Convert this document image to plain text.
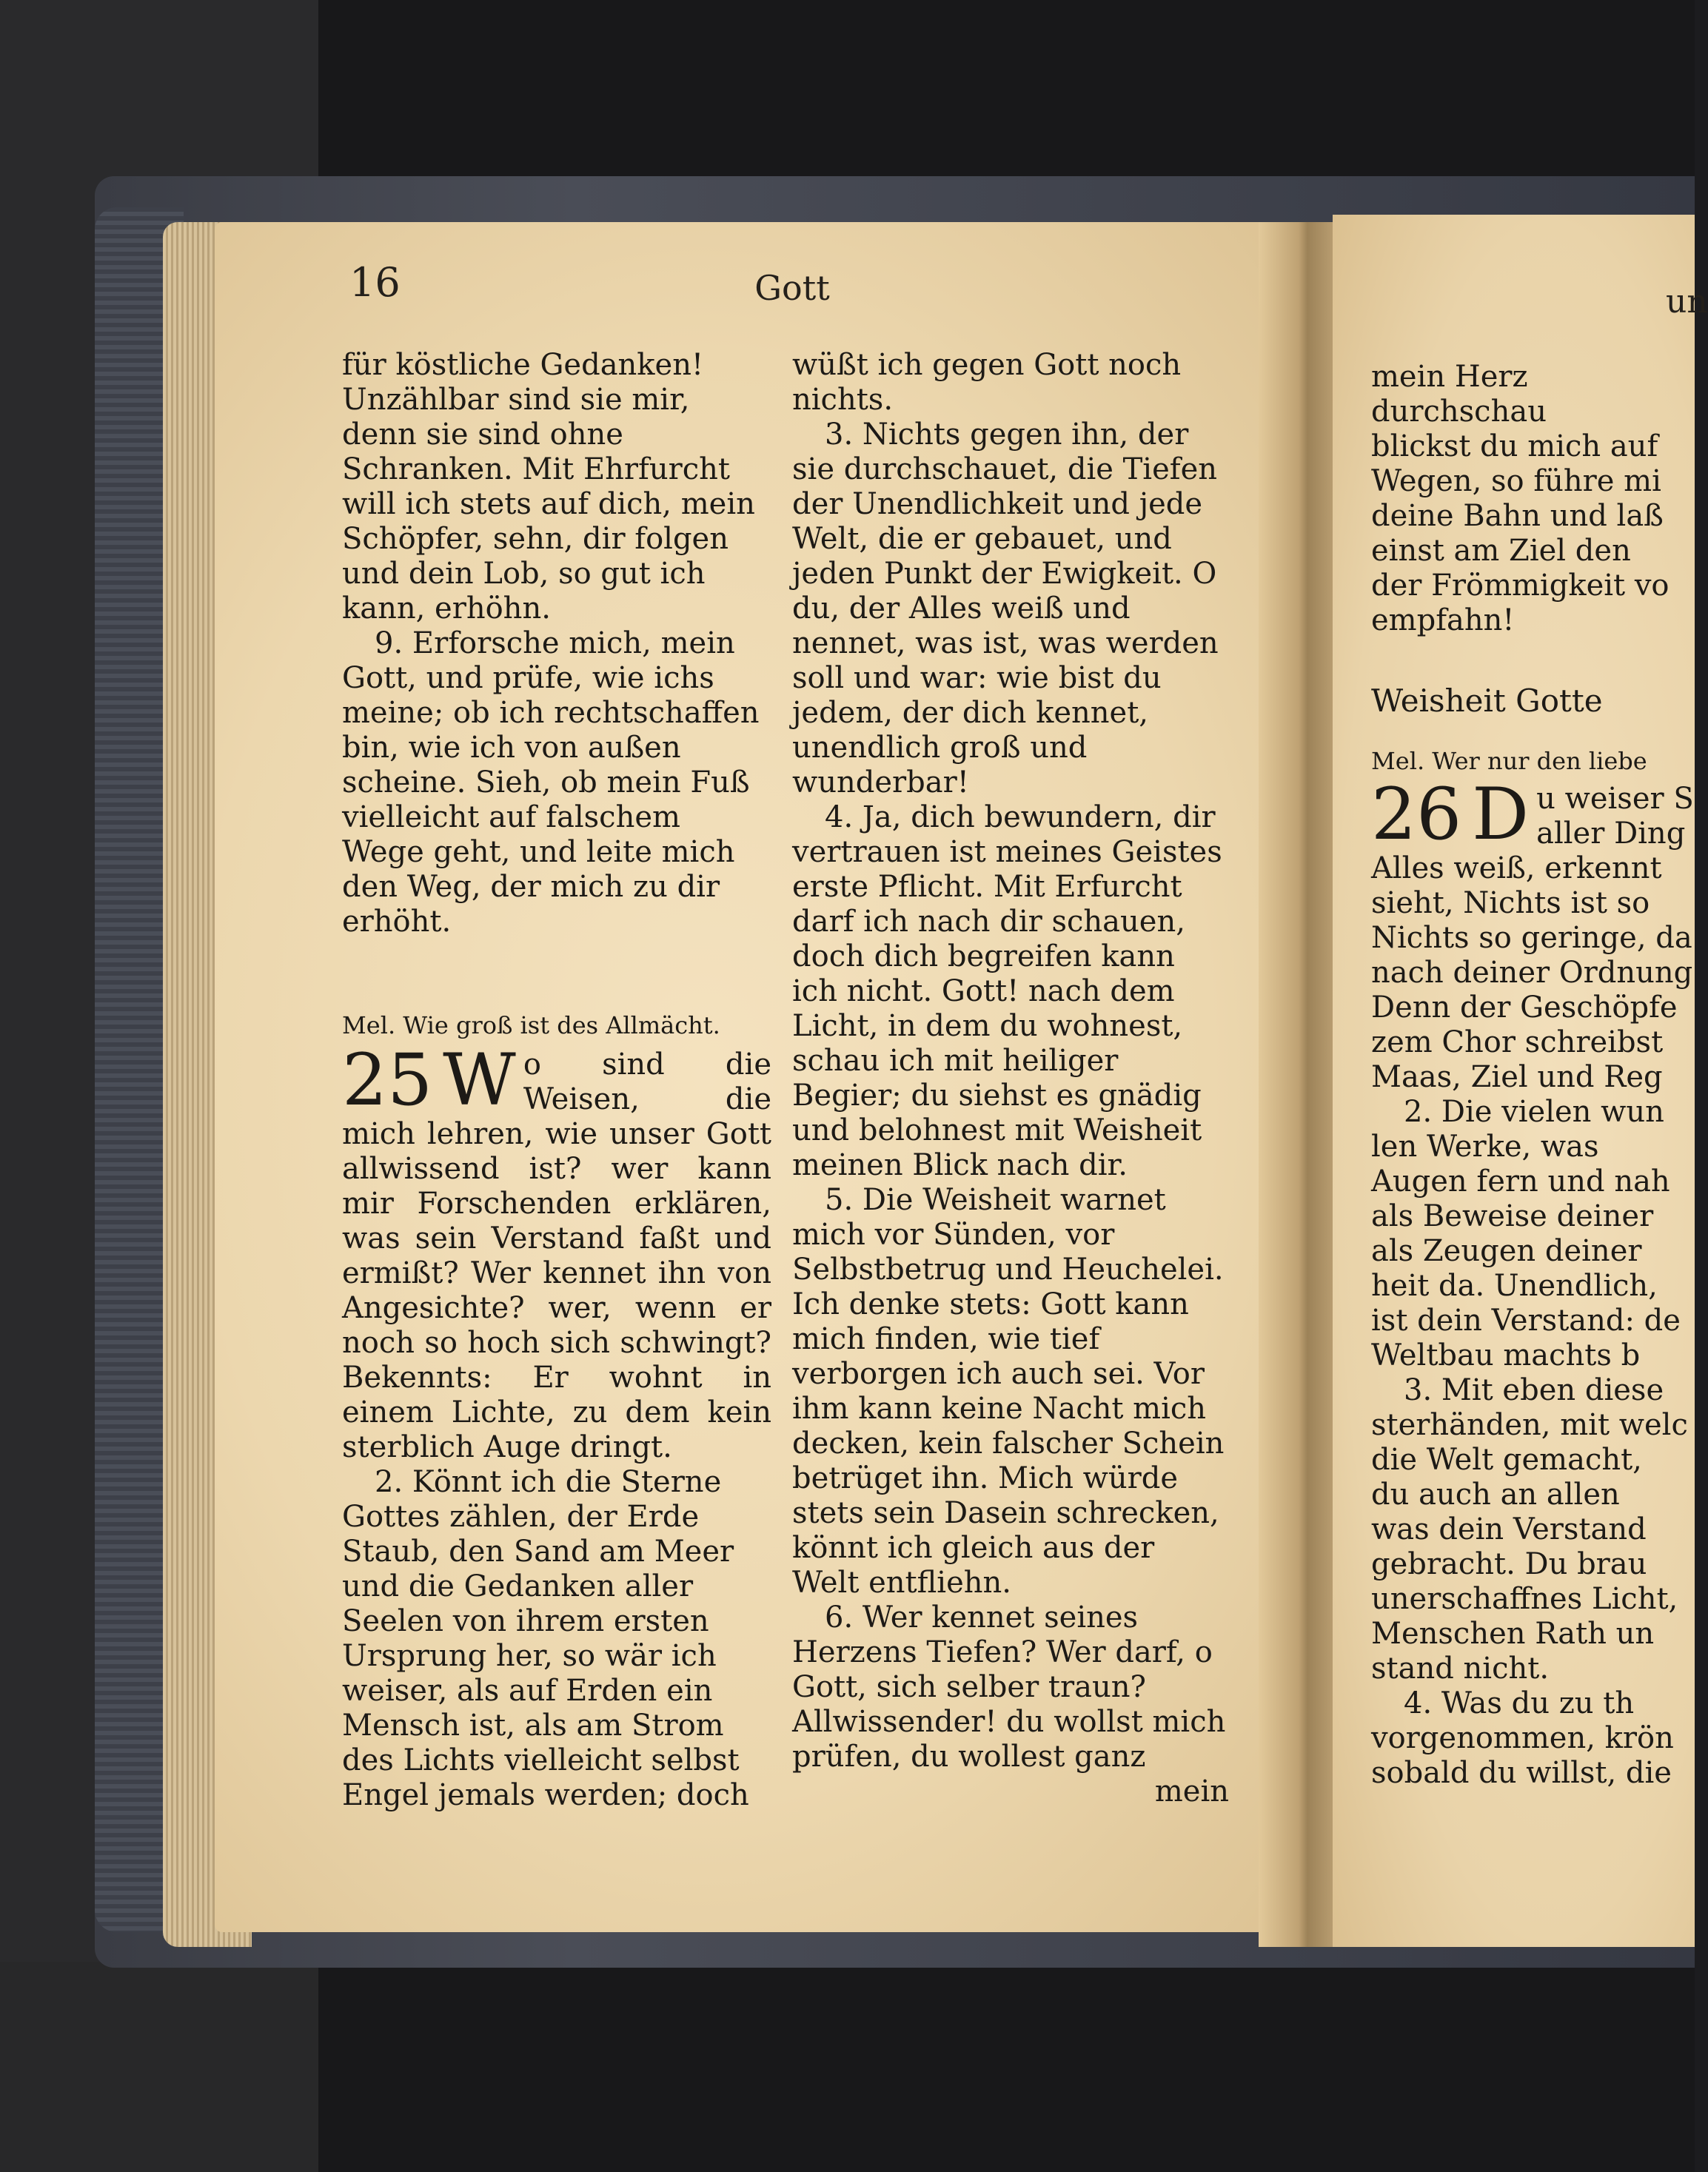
16	Gott

für köstliche Gedanken! Unzählbar sind sie mir, denn sie sind ohne Schranken. Mit Ehrfurcht will ich stets auf dich, mein Schöpfer, sehn, dir folgen und dein Lob, so gut ich kann, erhöhn.

9. Erforsche mich, mein Gott, und prüfe, wie ichs meine; ob ich rechtschaffen bin, wie ich von außen scheine. Sieh, ob mein Fuß vielleicht auf falschem Wege geht, und leite mich den Weg, der mich zu dir erhöht.

Mel. Wie groß ist des Allmächt.

25 W o sind die Weisen, die mich lehren, wie unser Gott allwissend ist? wer kann mir Forschenden erklären, was sein Verstand faßt und ermißt? Wer kennet ihn von Angesichte? wer, wenn er noch so hoch sich schwingt? Bekennts: Er wohnt in einem Lichte, zu dem kein sterblich Auge dringt.

2. Könnt ich die Sterne Gottes zählen, der Erde Staub, den Sand am Meer und die Gedanken aller Seelen von ihrem ersten Ursprung her, so wär ich weiser, als auf Erden ein Mensch ist, als am Strom des Lichts vielleicht selbst Engel jemals werden; doch

wüßt ich gegen Gott noch nichts.

3. Nichts gegen ihn, der sie durchschauet, die Tiefen der Unendlichkeit und jede Welt, die er gebauet, und jeden Punkt der Ewigkeit. O du, der Alles weiß und nennet, was ist, was werden soll und war: wie bist du jedem, der dich kennet, unendlich groß und wunderbar!

4. Ja, dich bewundern, dir vertrauen ist meines Geistes erste Pflicht. Mit Erfurcht darf ich nach dir schauen, doch dich begreifen kann ich nicht. Gott! nach dem Licht, in dem du wohnest, schau ich mit heiliger Begier; du siehst es gnädig und belohnest mit Weisheit meinen Blick nach dir.

5. Die Weisheit warnet mich vor Sünden, vor Selbstbetrug und Heuchelei. Ich denke stets: Gott kann mich finden, wie tief verborgen ich auch sei. Vor ihm kann keine Nacht mich decken, kein falscher Schein betrüget ihn. Mich würde stets sein Dasein schrecken, könnt ich gleich aus der Welt entfliehn.

6. Wer kennet seines Herzens Tiefen? Wer darf, o Gott, sich selber traun? Allwissender! du wollst mich prüfen, du wollest ganz

mein

un

mein Herz durchschau
blickst du mich auf
Wegen, so führe mi
deine Bahn und laß
einst am Ziel den
der Frömmigkeit vo
empfahn!

Weisheit Gotte

Mel. Wer nur den liebe

26 D u weiser S
aller Ding
Alles weiß, erkennt
sieht, Nichts ist so
Nichts so geringe, da
nach deiner Ordnung
Denn der Geschöpfe
zem Chor schreibst
Maas, Ziel und Reg

2. Die vielen wun
len Werke, was
Augen fern und nah
als Beweise deiner
als Zeugen deiner
heit da. Unendlich,
ist dein Verstand: de
Weltbau machts b

3. Mit eben diese
sterhänden, mit welc
die Welt gemacht,
du auch an allen
was dein Verstand
gebracht. Du brau
unerschaffnes Licht,
Menschen Rath un
stand nicht.

4. Was du zu th
vorgenommen, krön
sobald du willst, die
